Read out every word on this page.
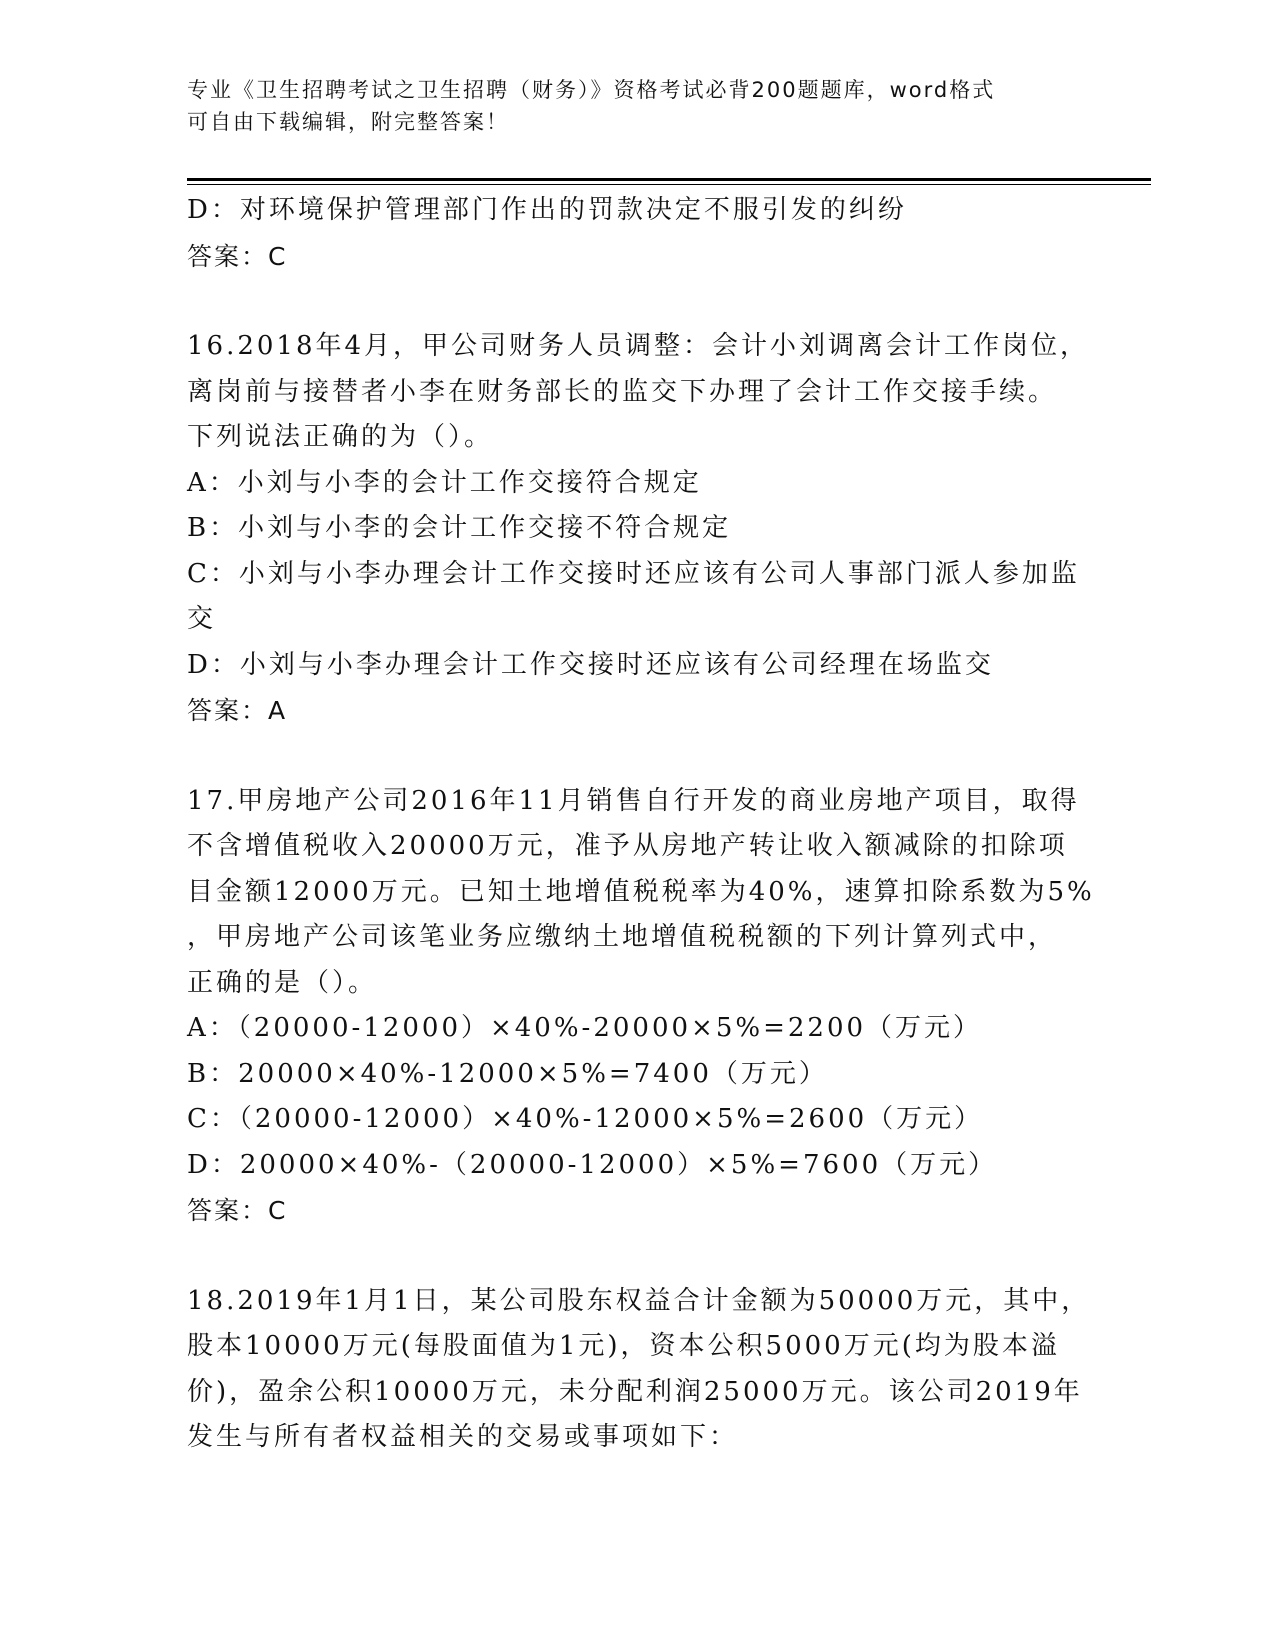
专业《卫生招聘考试之卫生招聘（财务）》资格考试必背200题题库，word格式
可自由下载编辑，附完整答案！
D：对环境保护管理部门作出的罚款决定不服引发的纠纷
答案：C
16.2018年4月，甲公司财务人员调整：会计小刘调离会计工作岗位，
离岗前与接替者小李在财务部长的监交下办理了会计工作交接手续。
下列说法正确的为（）。
A：小刘与小李的会计工作交接符合规定
B：小刘与小李的会计工作交接不符合规定
C：小刘与小李办理会计工作交接时还应该有公司人事部门派人参加监
交
D：小刘与小李办理会计工作交接时还应该有公司经理在场监交
答案：A
17.甲房地产公司2016年11月销售自行开发的商业房地产项目，取得
不含增值税收入20000万元，准予从房地产转让收入额减除的扣除项
目金额12000万元。已知土地增值税税率为40%，速算扣除系数为5%
，甲房地产公司该笔业务应缴纳土地增值税税额的下列计算列式中，
正确的是（）。
A：（20000-12000）×40%-20000×5%=2200（万元）
B：20000×40%-12000×5%=7400（万元）
C：（20000-12000）×40%-12000×5%=2600（万元）
D：20000×40%-（20000-12000）×5%=7600（万元）
答案：C
18.2019年1月1日，某公司股东权益合计金额为50000万元，其中，
股本10000万元(每股面值为1元)，资本公积5000万元(均为股本溢
价)，盈余公积10000万元，未分配利润25000万元。该公司2019年
发生与所有者权益相关的交易或事项如下：
